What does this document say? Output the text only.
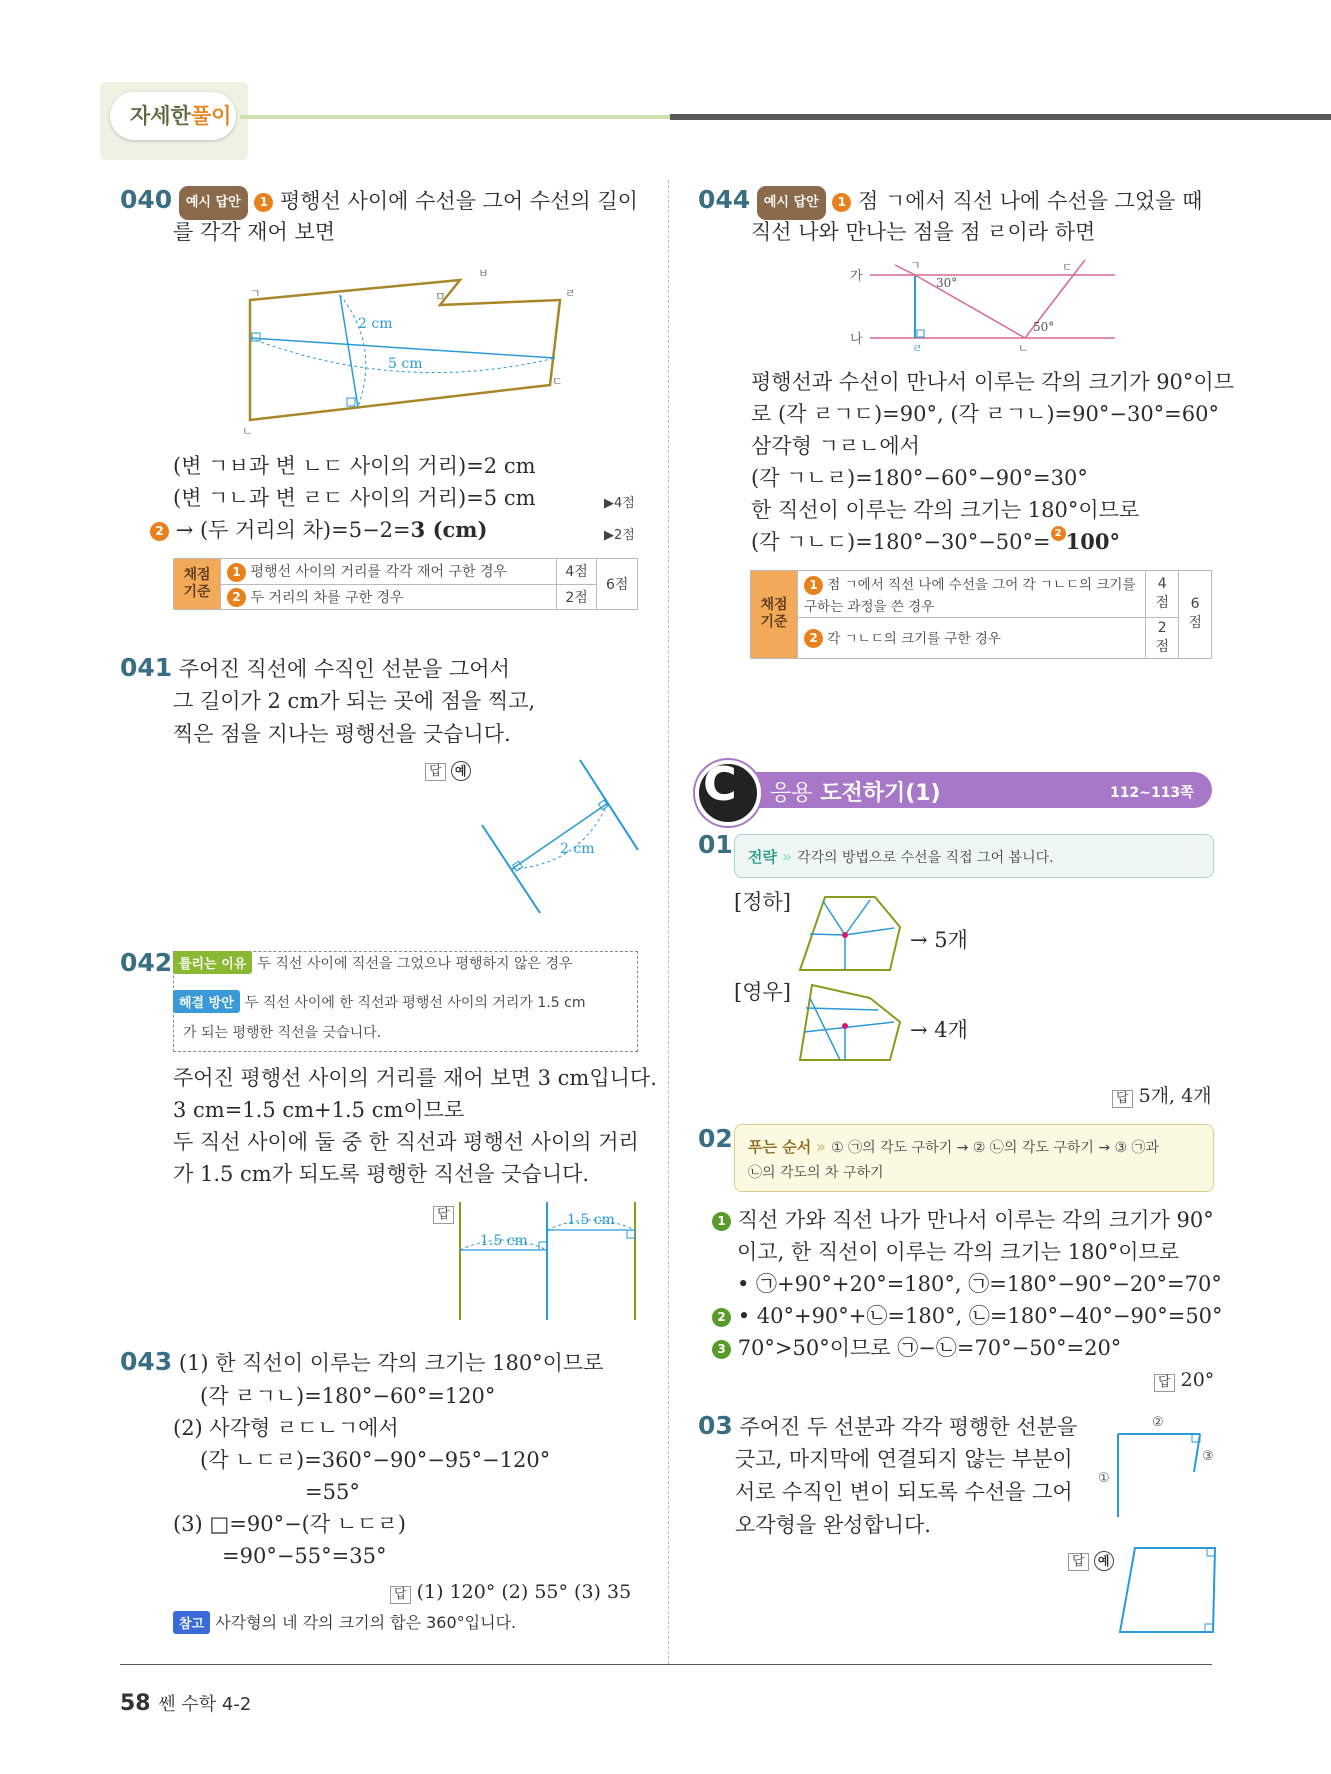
자세한풀이
040 예시 답안 1 평행선 사이에 수선을 그어 수선의 길이
를 각각 재어 보면
ㄱ	ㅁ
ㅂ
ㄹ
ㄷ
ㄴ
2 cm
5 cm
(변 ㄱㅂ과 변 ㄴㄷ 사이의 거리)=2 cm
(변 ㄱㄴ과 변 ㄹㄷ 사이의 거리)=5 cm	▶4점
2 → (두 거리의 차)=5−2=3 (cm)	▶2점
채점
기준	1 평행선 사이의 거리를 각각 재어 구한 경우	4점	6점
	2 두 거리의 차를 구한 경우	2점	
041 주어진 직선에 수직인 선분을 그어서
그 길이가 2 cm가 되는 곳에 점을 찍고,
찍은 점을 지나는 평행선을 긋습니다.
답 예
2 cm
042 틀리는 이유 두 직선 사이에 직선을 그었으나 평행하지 않은 경우
해결 방안 두 직선 사이에 한 직선과 평행선 사이의 거리가 1.5 cm
가 되는 평행한 직선을 긋습니다.
주어진 평행선 사이의 거리를 재어 보면 3 cm입니다.
3 cm=1.5 cm+1.5 cm이므로
두 직선 사이에 둘 중 한 직선과 평행선 사이의 거리
가 1.5 cm가 되도록 평행한 직선을 긋습니다.
답
1.5 cm
1.5 cm
043 (1) 한 직선이 이루는 각의 크기는 180°이므로
(각 ㄹㄱㄴ)=180°−60°=120°
(2) 사각형 ㄹㄷㄴㄱ에서
(각 ㄴㄷㄹ)=360°−90°−95°−120°
=55°
(3) □=90°−(각 ㄴㄷㄹ)
=90°−55°=35°
답 (1) 120° (2) 55° (3) 35
참고 사각형의 네 각의 크기의 합은 360°입니다.
044 예시 답안 1 점 ㄱ에서 직선 나에 수선을 그었을 때
직선 나와 만나는 점을 점 ㄹ이라 하면
가
나
ㄱ	ㄷ
ㄹ	ㄴ
30°
50°
평행선과 수선이 만나서 이루는 각의 크기가 90°이므
로 (각 ㄹㄱㄷ)=90°, (각 ㄹㄱㄴ)=90°−30°=60°
삼각형 ㄱㄹㄴ에서
(각 ㄱㄴㄹ)=180°−60°−90°=30°
한 직선이 이루는 각의 크기는 180°이므로
(각 ㄱㄴㄷ)=180°−30°−50°= 2 100°
채점
기준	1 점 ㄱ에서 직선 나에 수선을 그어 각 ㄱㄴㄷ의 크기를 구하는 과정을 쓴 경우	4점	6점
	2 각 ㄱㄴㄷ의 크기를 구한 경우	2점	
C 응용 도전하기(1)	112~113쪽
01 전략 » 각각의 방법으로 수선을 직접 그어 봅니다.
[정하]
→ 5개
[영우]
→ 4개
답 5개, 4개
02 푸는 순서 » ① ㉠의 각도 구하기 → ② ㉡의 각도 구하기 → ③ ㉠과
㉡의 각도의 차 구하기
1 직선 가와 직선 나가 만나서 이루는 각의 크기가 90°
이고, 한 직선이 이루는 각의 크기는 180°이므로
• ㉠+90°+20°=180°, ㉠=180°−90°−20°=70°
2 • 40°+90°+㉡=180°, ㉡=180°−40°−90°=50°
3 70°>50°이므로 ㉠−㉡=70°−50°=20°
답 20°
03 주어진 두 선분과 각각 평행한 선분을
긋고, 마지막에 연결되지 않는 부분이
서로 수직인 변이 되도록 수선을 그어
오각형을 완성합니다.
②
①
③
답 예
58 쎈 수학 4-2
